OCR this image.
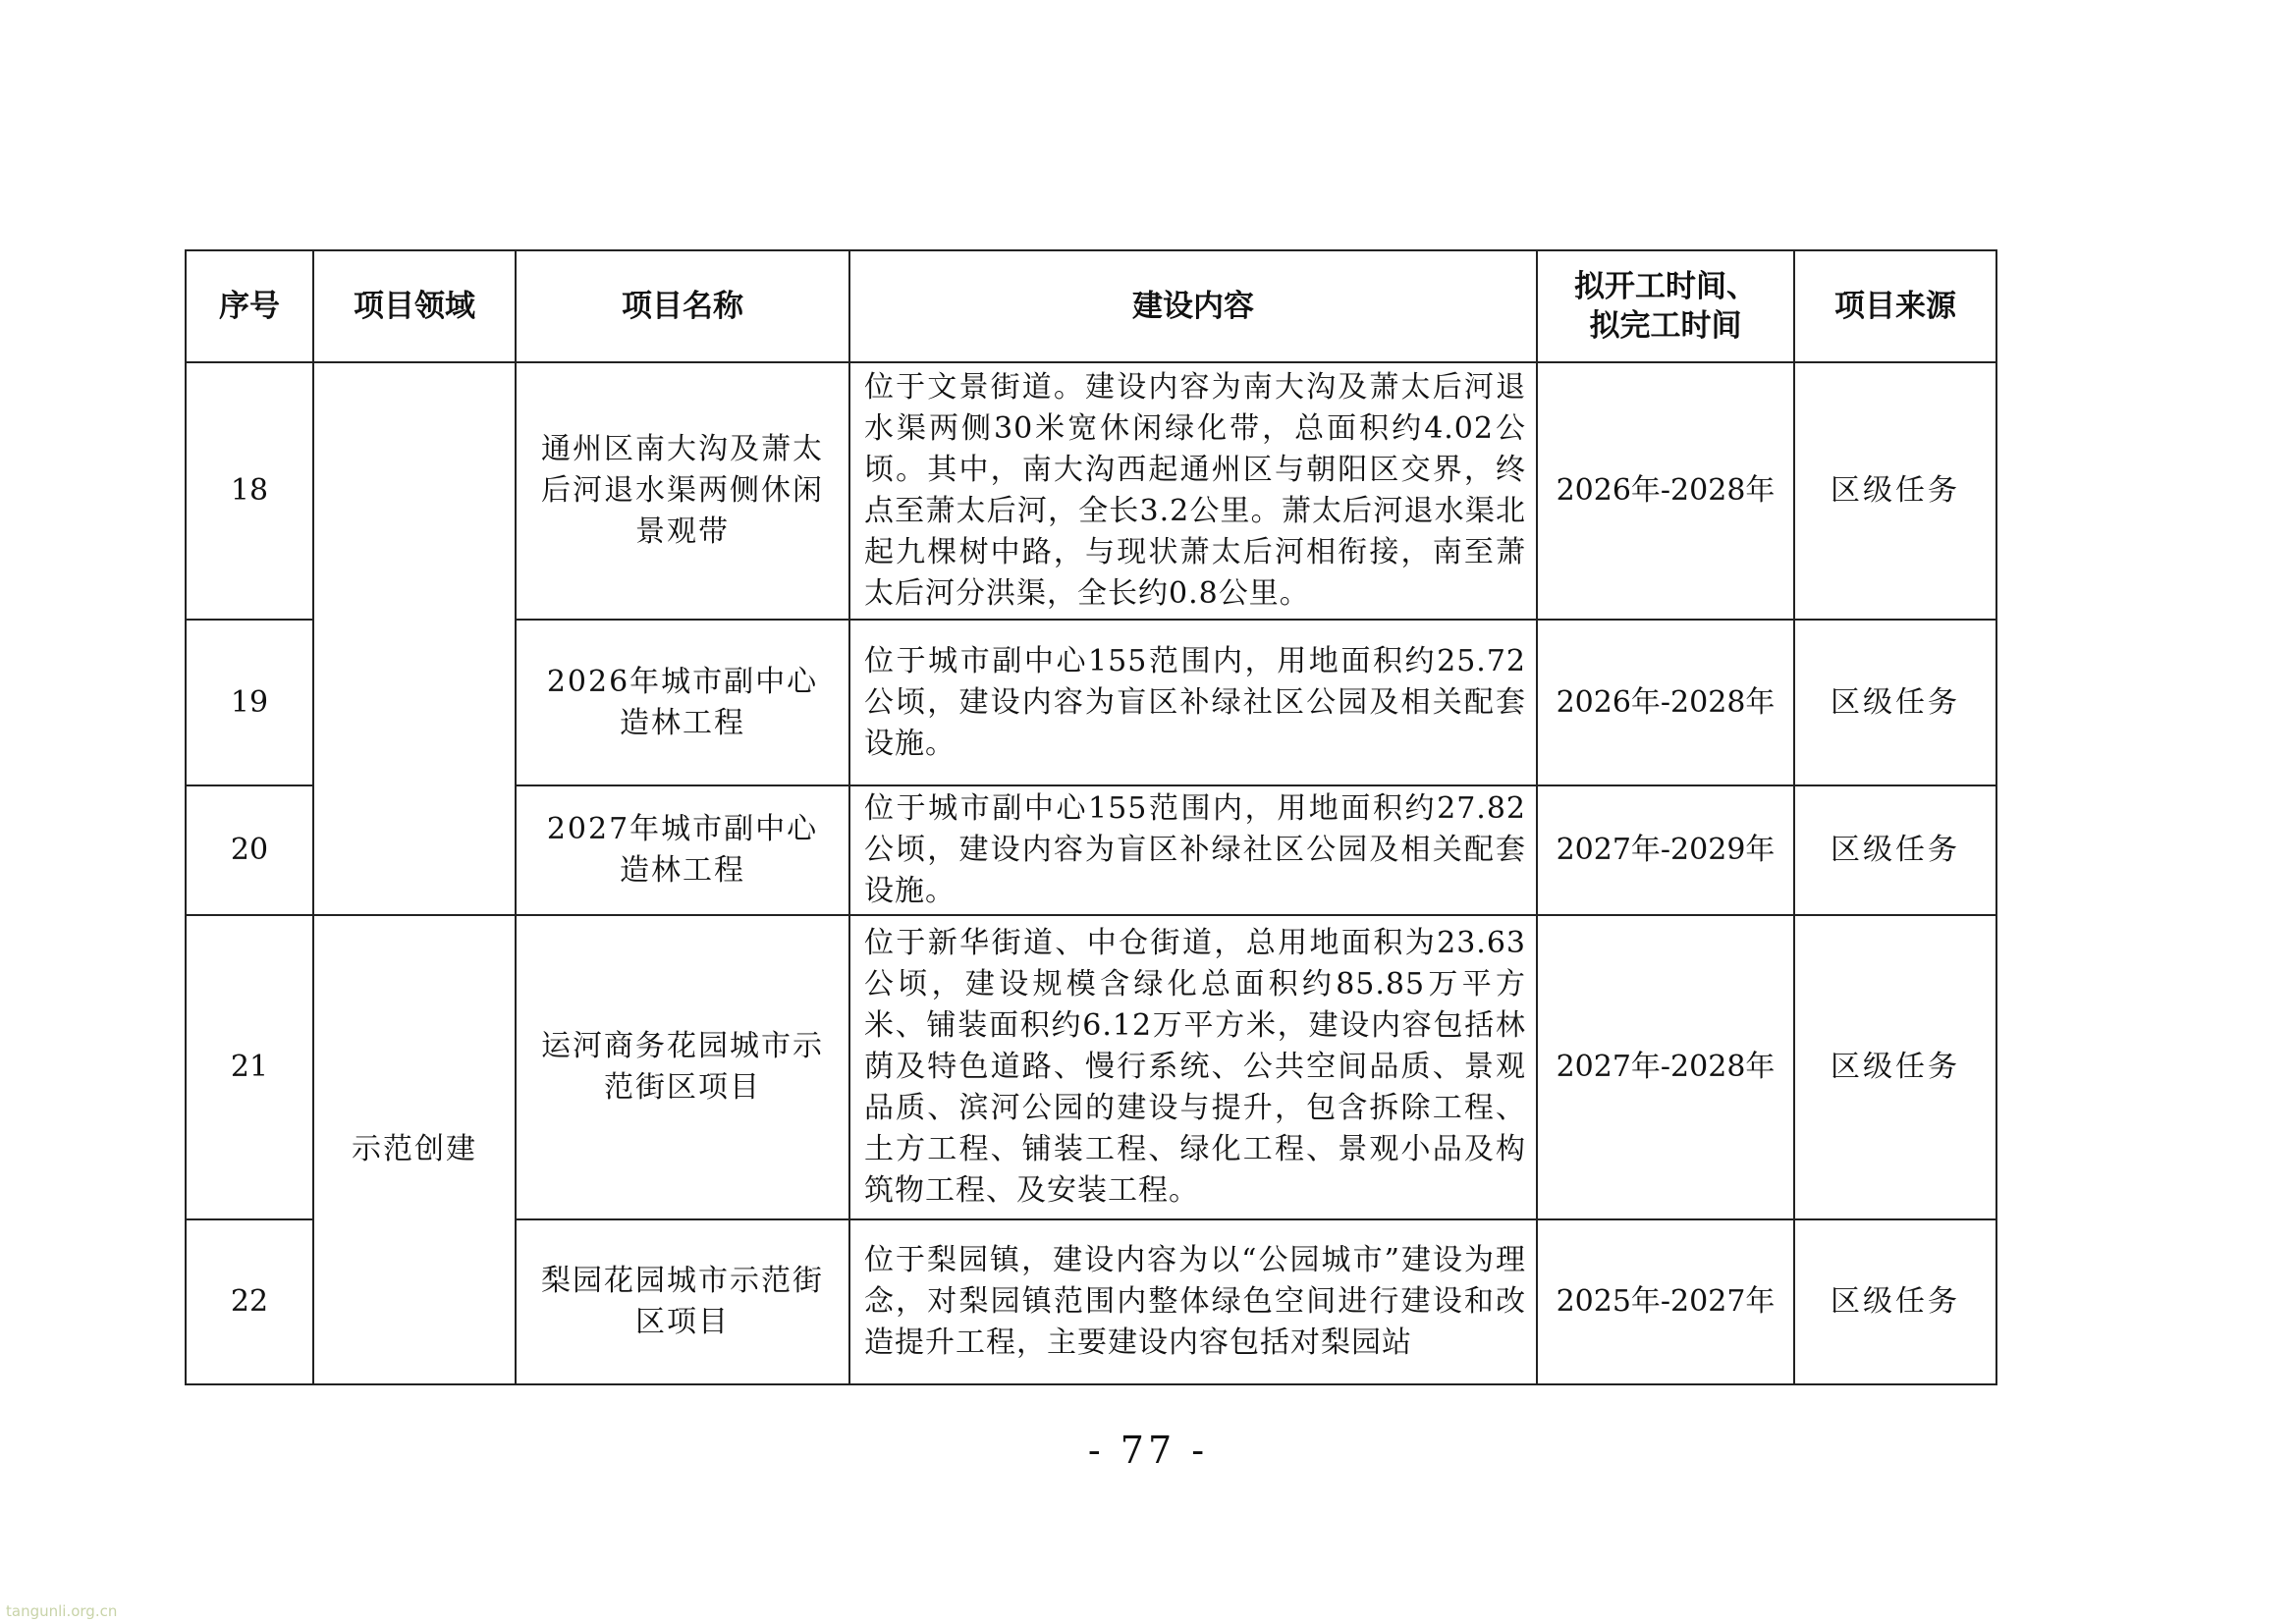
序号	项目领域	项目名称	建设内容	拟开工时间、拟完工时间	项目来源
18		通州区南大沟及萧太后河退水渠两侧休闲景观带	位于文景街道。建设内容为南大沟及萧太后河退水渠两侧30米宽休闲绿化带，总面积约4.02公顷。其中，南大沟西起通州区与朝阳区交界，终点至萧太后河，全长3.2公里。萧太后河退水渠北起九棵树中路，与现状萧太后河相衔接，南至萧太后河分洪渠，全长约0.8公里。	2026年-2028年	区级任务
19		2026年城市副中心造林工程	位于城市副中心155范围内，用地面积约25.72公顷，建设内容为盲区补绿社区公园及相关配套设施。	2026年-2028年	区级任务
20		2027年城市副中心造林工程	位于城市副中心155范围内，用地面积约27.82公顷，建设内容为盲区补绿社区公园及相关配套设施。	2027年-2029年	区级任务
21	示范创建	运河商务花园城市示范街区项目	位于新华街道、中仓街道，总用地面积为23.63公顷，建设规模含绿化总面积约85.85万平方米、铺装面积约6.12万平方米，建设内容包括林荫及特色道路、慢行系统、公共空间品质、景观品质、滨河公园的建设与提升，包含拆除工程、土方工程、铺装工程、绿化工程、景观小品及构筑物工程、及安装工程。	2027年-2028年	区级任务
22		梨园花园城市示范街区项目	位于梨园镇，建设内容为以“公园城市”建设为理念，对梨园镇范围内整体绿色空间进行建设和改造提升工程，主要建设内容包括对梨园站	2025年-2027年	区级任务
- 77 -
tangunli.org.cn
